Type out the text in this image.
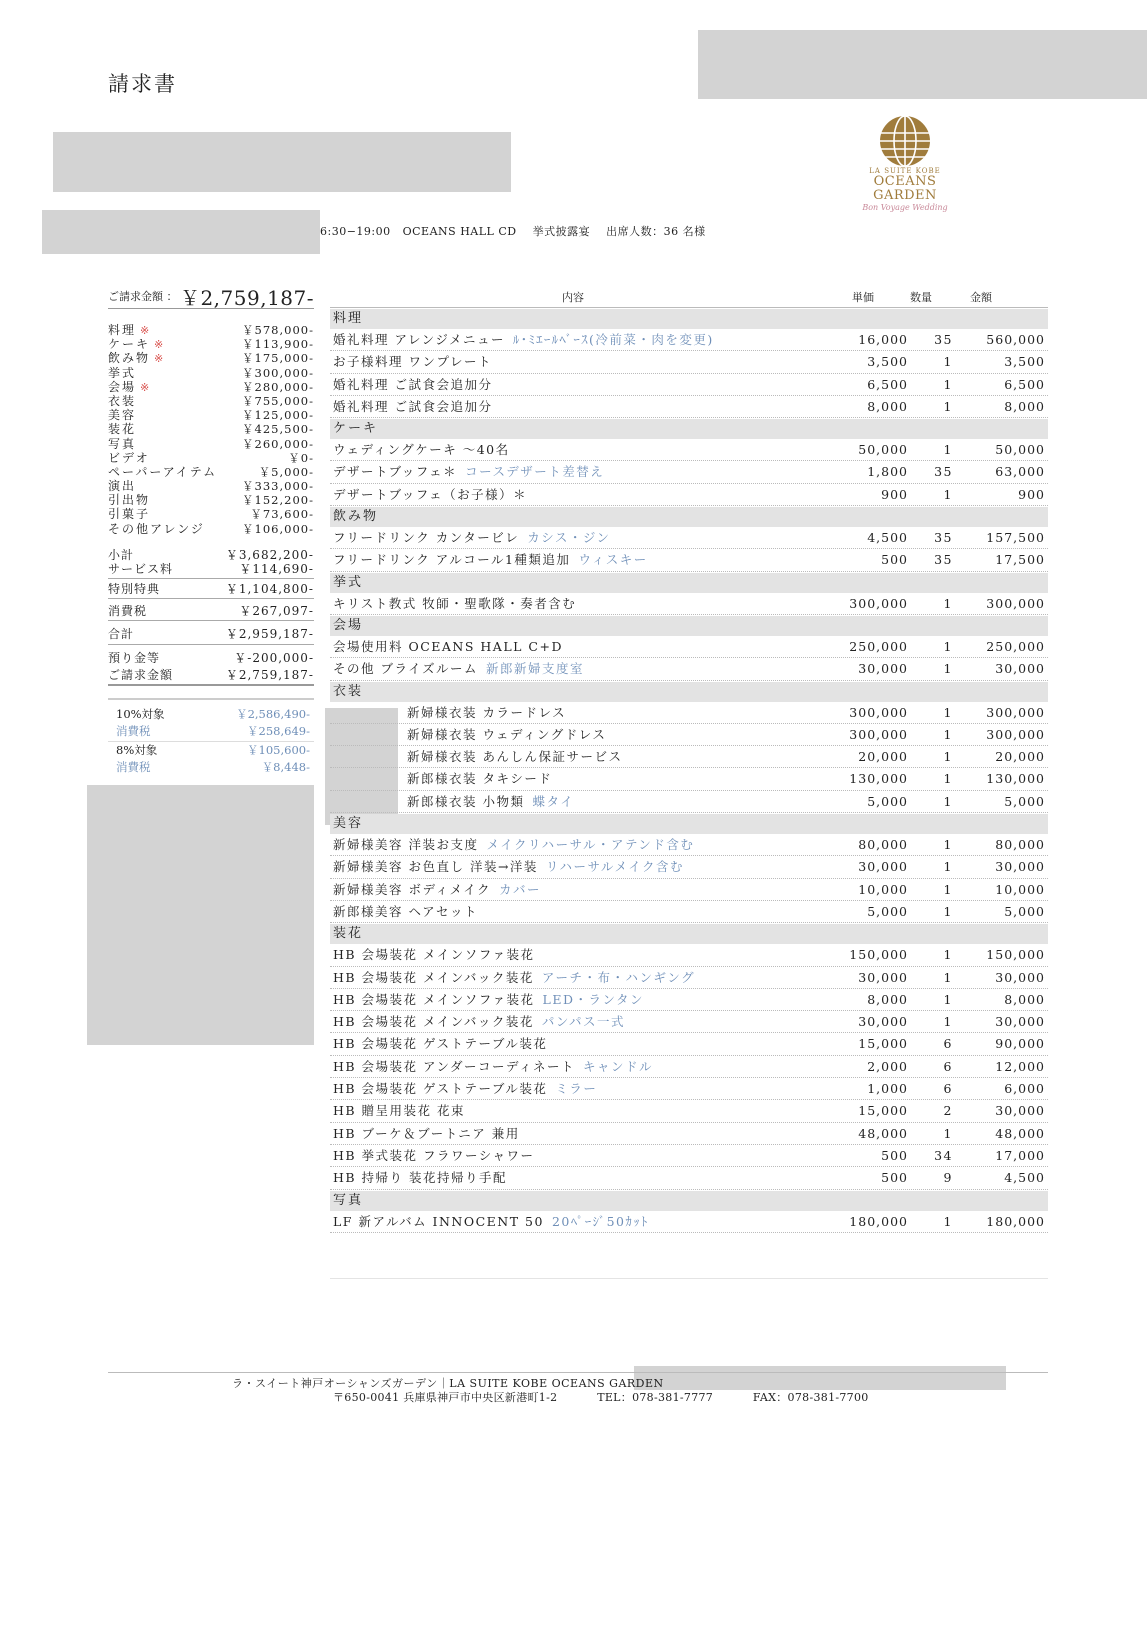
請求書
6:30−19:00 OCEANS HALL CD 挙式披露宴 出席人数：36 名様
LA SUITE KOBE
OCEANS GARDEN
Bon Voyage Wedding
ご請求金額 ： ￥2,759,187-
料理 ※	￥578,000-
ケーキ ※	￥113,900-
飲み物 ※	￥175,000-
挙式	￥300,000-
会場 ※	￥280,000-
衣装	￥755,000-
美容	￥125,000-
装花	￥425,500-
写真	￥260,000-
ビデオ	￥0-
ペーパーアイテム	￥5,000-
演出	￥333,000-
引出物	￥152,200-
引菓子	￥73,600-
その他アレンジ	￥106,000-
小計	￥3,682,200-
サービス料	￥114,690-
特別特典	￥1,104,800-
消費税	￥267,097-
合計	￥2,959,187-
預り金等	￥-200,000-
ご請求金額	￥2,759,187-
10%対象	￥2,586,490-
消費税	￥258,649-
8%対象	￥105,600-
消費税	￥8,448-
内容	単価	数量	金額
料理
婚礼料理 アレンジメニュー ﾙ･ﾐｴｰﾙﾍﾞｰｽ(冷前菜・肉を変更)	16,000 35	560,000
お子様料理 ワンプレート	3,500	1	3,500
婚礼料理 ご試食会追加分	6,500	1	6,500
婚礼料理 ご試食会追加分	8,000	1	8,000
ケーキ
ウェディングケーキ 〜40名	50,000	1	50,000
デザートブッフェ＊ コースデザート差替え	1,800 35	63,000
デザートブッフェ（お子様）＊	900	1	900
飲み物
フリードリンク カンタービレ カシス・ジン	4,500 35	157,500
フリードリンク アルコール1種類追加 ウィスキー	500 35	17,500
挙式
キリスト教式 牧師・聖歌隊・奏者含む	300,000	1	300,000
会場
会場使用料 OCEANS HALL C+D	250,000	1	250,000
その他 ブライズルーム 新郎新婦支度室	30,000	1	30,000
衣装
新婦様衣装 カラードレス	300,000	1	300,000
新婦様衣装 ウェディングドレス	300,000	1	300,000
新婦様衣装 あんしん保証サービス	20,000	1	20,000
新郎様衣装 タキシード	130,000	1	130,000
新郎様衣装 小物類 蝶タイ	5,000	1	5,000
美容
新婦様美容 洋装お支度 メイクリハーサル・アテンド含む	80,000	1	80,000
新婦様美容 お色直し 洋装→洋装 リハーサルメイク含む	30,000	1	30,000
新婦様美容 ボディメイク カバー	10,000	1	10,000
新郎様美容 ヘアセット	5,000	1	5,000
装花
HB 会場装花 メインソファ装花	150,000	1	150,000
HB 会場装花 メインバック装花 アーチ・布・ハンギング	30,000	1	30,000
HB 会場装花 メインソファ装花 LED・ランタン	8,000	1	8,000
HB 会場装花 メインバック装花 パンパス一式	30,000	1	30,000
HB 会場装花 ゲストテーブル装花	15,000	6	90,000
HB 会場装花 アンダーコーディネート キャンドル	2,000	6	12,000
HB 会場装花 ゲストテーブル装花 ミラー	1,000	6	6,000
HB 贈呈用装花 花束	15,000	2	30,000
HB ブーケ＆ブートニア 兼用	48,000	1	48,000
HB 挙式装花 フラワーシャワー	500 34	17,000
HB 持帰り 装花持帰り手配	500	9	4,500
写真
LF 新アルバム INNOCENT 50 20ﾍﾟｰｼﾞ50ｶｯﾄ	180,000	1	180,000
ラ・スイート神戸オーシャンズガーデン｜LA SUITE KOBE OCEANS GARDEN
〒650-0041 兵庫県神戸市中央区新港町1-2	TEL：078-381-7777	FAX：078-381-7700
